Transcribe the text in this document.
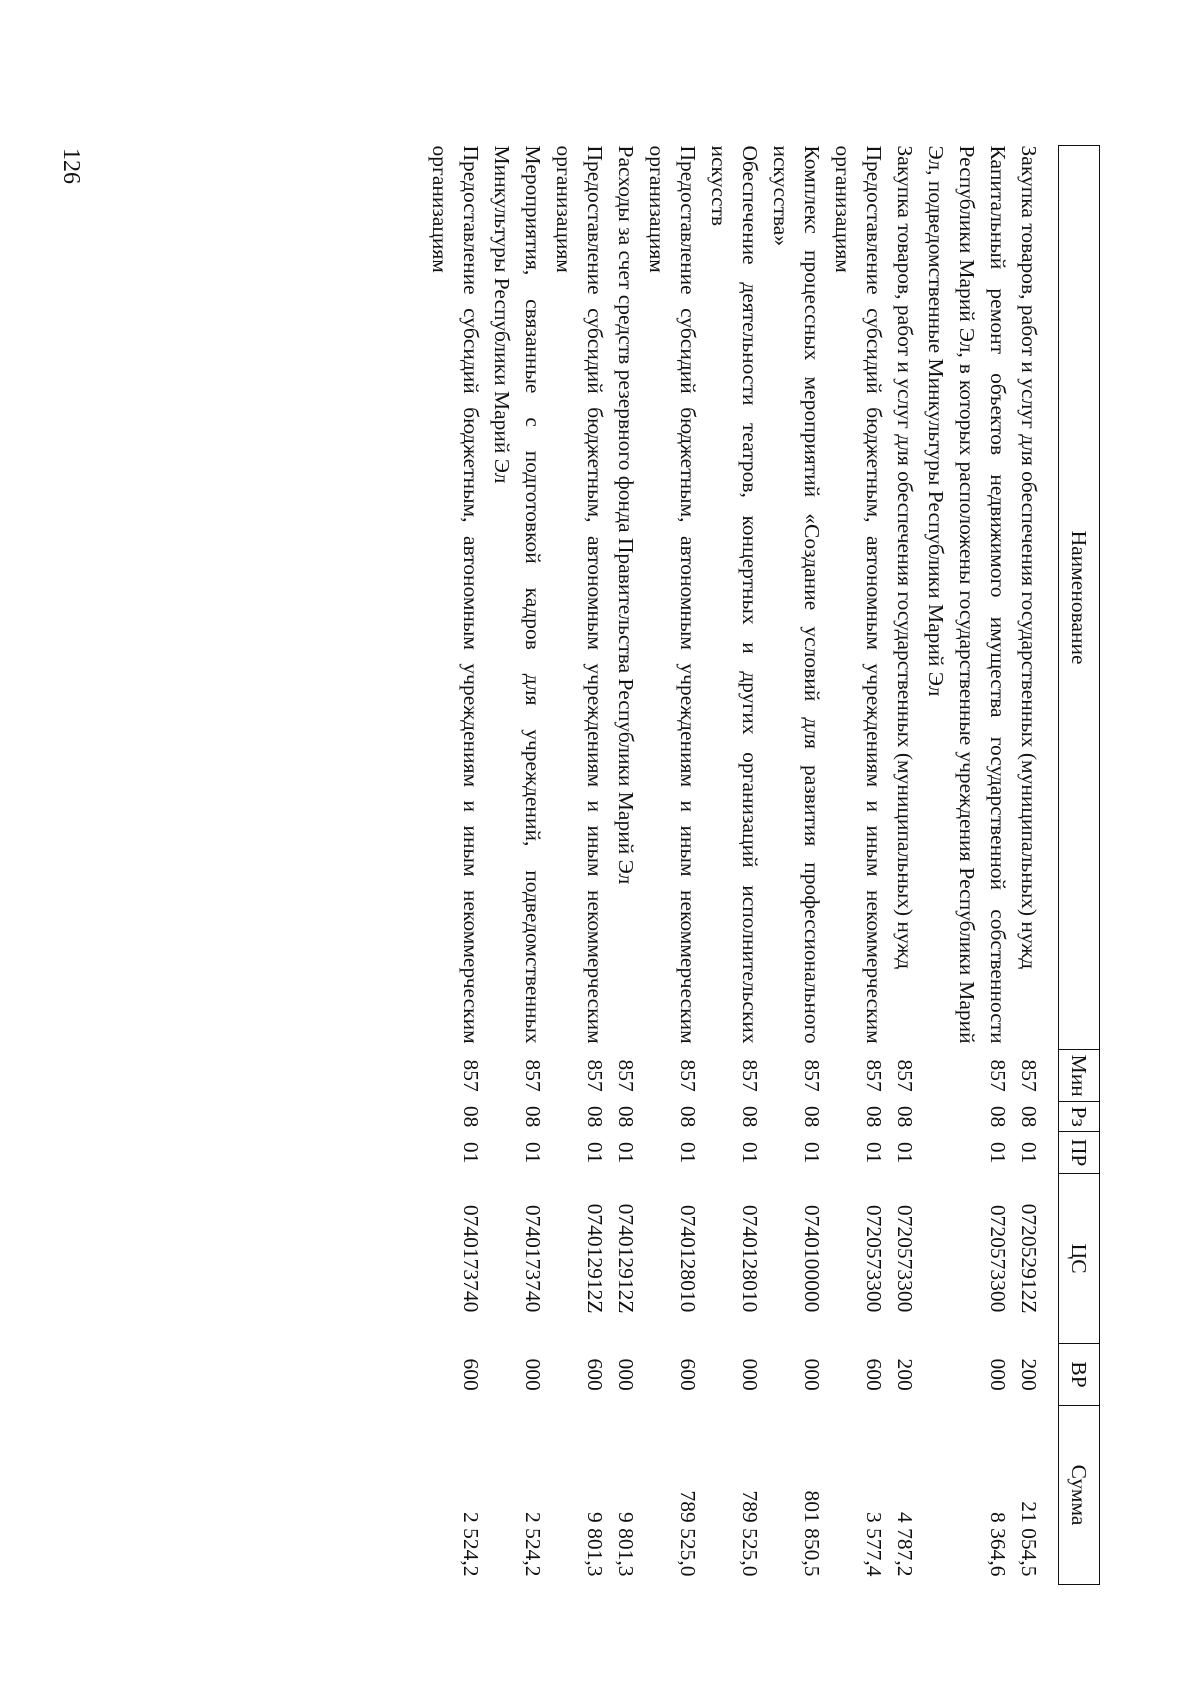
126
Наименование	Мин	Рз	ПР	ЦС	ВР	Сумма

Закупка товаров, работ и услуг для обеспечения государственных (муниципальных) нужд	857	08	01	072052912Z	200	21 054,5
Капитальный ремонт объектов недвижимого имущества государственной собственности Республики Марий Эл, в которых расположены государственные учреждения Республики Марий Эл, подведомственные Минкультуры Республики Марий Эл	857	08	01	0720573300	000	8 364,6
Закупка товаров, работ и услуг для обеспечения государственных (муниципальных) нужд	857	08	01	0720573300	200	4 787,2
Предоставление субсидий бюджетным, автономным учреждениям и иным некоммерческим организациям	857	08	01	0720573300	600	3 577,4
Комплекс процессных мероприятий «Создание условий для развития профессионального искусства»	857	08	01	0740100000	000	801 850,5
Обеспечение деятельности театров, концертных и других организаций исполнительских искусств	857	08	01	0740128010	000	789 525,0
Предоставление субсидий бюджетным, автономным учреждениям и иным некоммерческим организациям	857	08	01	0740128010	600	789 525,0
Расходы за счет средств резервного фонда Правительства Республики Марий Эл	857	08	01	074012912Z	000	9 801,3
Предоставление субсидий бюджетным, автономным учреждениям и иным некоммерческим организациям	857	08	01	074012912Z	600	9 801,3
Мероприятия, связанные с подготовкой кадров для учреждений, подведомственных Минкультуры Республики Марий Эл	857	08	01	0740173740	000	2 524,2
Предоставление субсидий бюджетным, автономным учреждениям и иным некоммерческим организациям	857	08	01	0740173740	600	2 524,2
